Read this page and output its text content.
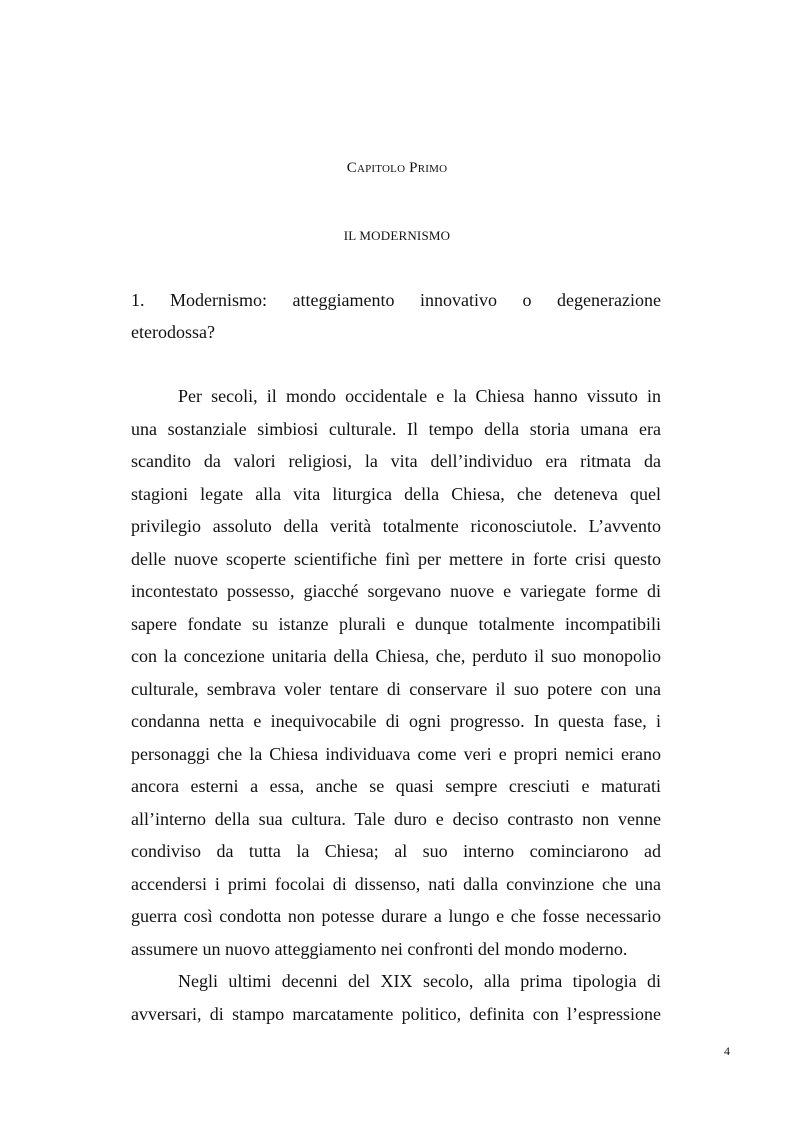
Capitolo Primo
IL MODERNISMO
1. Modernismo: atteggiamento innovativo o degenerazione
eterodossa?
Per secoli, il mondo occidentale e la Chiesa hanno vissuto in
una sostanziale simbiosi culturale. Il tempo della storia umana era
scandito da valori religiosi, la vita dell’individuo era ritmata da
stagioni legate alla vita liturgica della Chiesa, che deteneva quel
privilegio assoluto della verità totalmente riconosciutole. L’avvento
delle nuove scoperte scientifiche finì per mettere in forte crisi questo
incontestato possesso, giacché sorgevano nuove e variegate forme di
sapere fondate su istanze plurali e dunque totalmente incompatibili
con la concezione unitaria della Chiesa, che, perduto il suo monopolio
culturale, sembrava voler tentare di conservare il suo potere con una
condanna netta e inequivocabile di ogni progresso. In questa fase, i
personaggi che la Chiesa individuava come veri e propri nemici erano
ancora esterni a essa, anche se quasi sempre cresciuti e maturati
all’interno della sua cultura. Tale duro e deciso contrasto non venne
condiviso da tutta la Chiesa; al suo interno cominciarono ad
accendersi i primi focolai di dissenso, nati dalla convinzione che una
guerra così condotta non potesse durare a lungo e che fosse necessario
assumere un nuovo atteggiamento nei confronti del mondo moderno.
Negli ultimi decenni del XIX secolo, alla prima tipologia di
avversari, di stampo marcatamente politico, definita con l’espressione
4
